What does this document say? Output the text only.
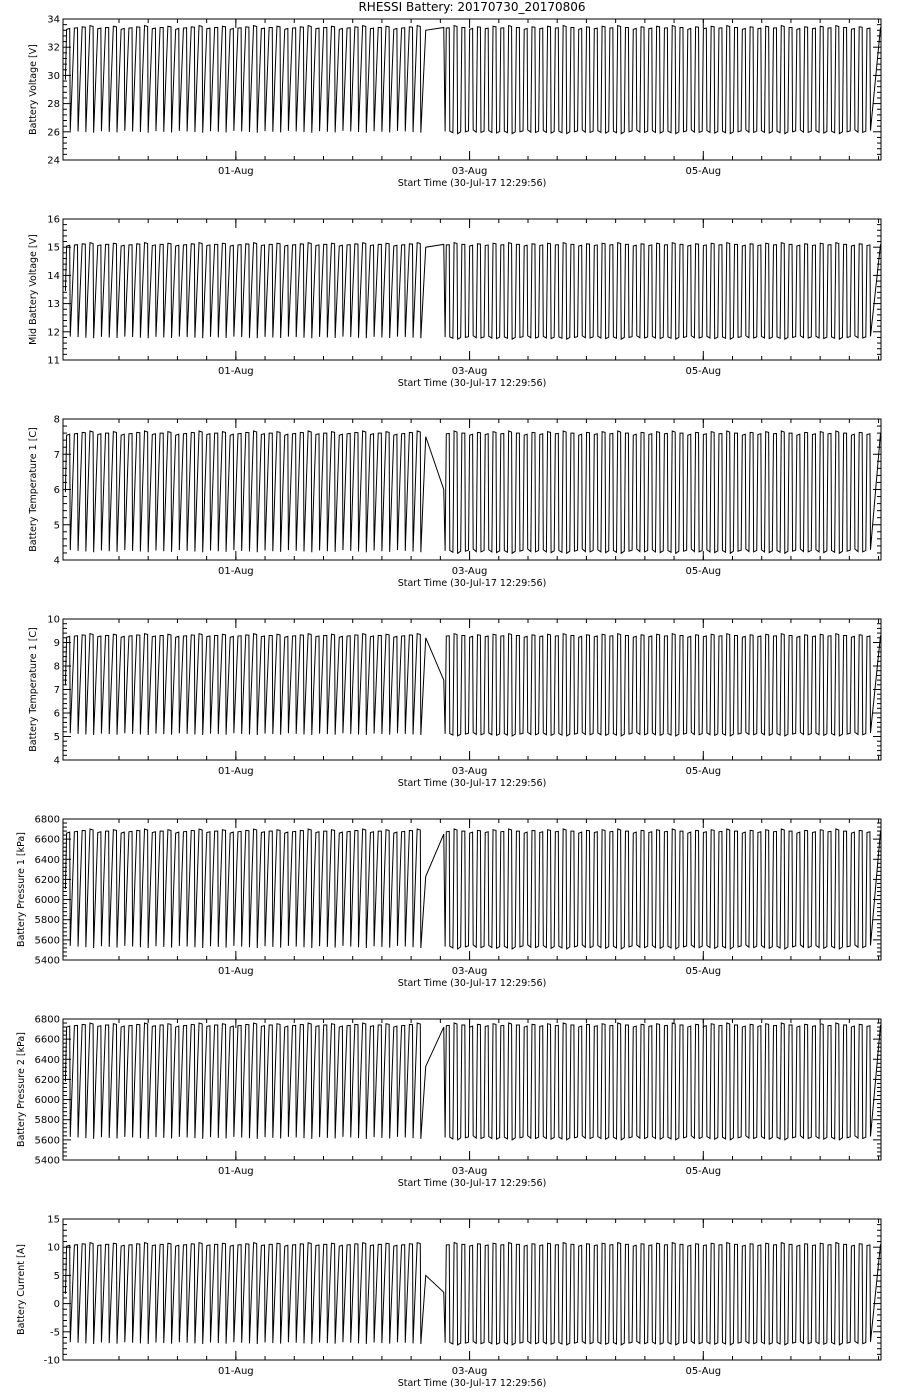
RHESSI Battery: 20170730_20170806
24
26
28
30
32
34
01-Aug	03-Aug	05-Aug
Start Time (30-Jul-17 12:29:56)
Battery Voltage [V]
11
12
13
14
15
16
01-Aug	03-Aug	05-Aug
Start Time (30-Jul-17 12:29:56)
Mid Battery Voltage [V]
4
5
6
7
8
01-Aug	03-Aug	05-Aug
Start Time (30-Jul-17 12:29:56)
Battery Temperature 1 [C]
4
5
6
7
8
9
10
01-Aug	03-Aug	05-Aug
Start Time (30-Jul-17 12:29:56)
Battery Temperature 1 [C]
5400
5600
5800
6000
6200
6400
6600
6800
01-Aug	03-Aug	05-Aug
Start Time (30-Jul-17 12:29:56)
Battery Pressure 1 [kPa]
5400
5600
5800
6000
6200
6400
6600
6800
01-Aug	03-Aug	05-Aug
Start Time (30-Jul-17 12:29:56)
Battery Pressure 2 [kPa]
-10
-5
0
5
10
15
01-Aug	03-Aug	05-Aug
Start Time (30-Jul-17 12:29:56)
Battery Current [A]
